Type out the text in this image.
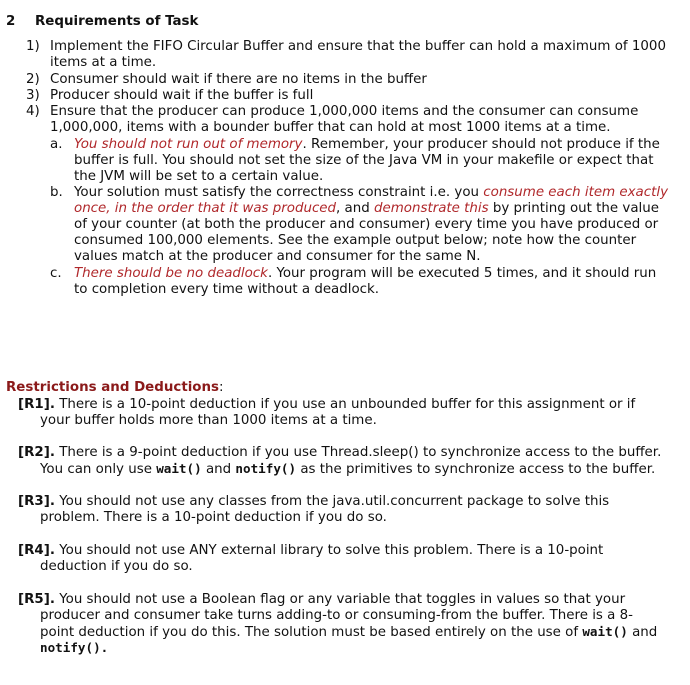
2 Requirements of Task
1) Implement the FIFO Circular Buffer and ensure that the buffer can hold a maximum of 1000
items at a time.
2) Consumer should wait if there are no items in the buffer
3) Producer should wait if the buffer is full
4) Ensure that the producer can produce 1,000,000 items and the consumer can consume
1,000,000, items with a bounder buffer that can hold at most 1000 items at a time.
a. You should not run out of memory. Remember, your producer should not produce if the
buffer is full. You should not set the size of the Java VM in your makefile or expect that
the JVM will be set to a certain value.
b. Your solution must satisfy the correctness constraint i.e. you consume each item exactly
once, in the order that it was produced, and demonstrate this by printing out the value
of your counter (at both the producer and consumer) every time you have produced or
consumed 100,000 elements. See the example output below; note how the counter
values match at the producer and consumer for the same N.
c. There should be no deadlock. Your program will be executed 5 times, and it should run
to completion every time without a deadlock.
Restrictions and Deductions:
[R1]. There is a 10-point deduction if you use an unbounded buffer for this assignment or if
your buffer holds more than 1000 items at a time.
[R2]. There is a 9-point deduction if you use Thread.sleep() to synchronize access to the buffer.
You can only use wait() and notify() as the primitives to synchronize access to the buffer.
[R3]. You should not use any classes from the java.util.concurrent package to solve this
problem. There is a 10-point deduction if you do so.
[R4]. You should not use ANY external library to solve this problem. There is a 10-point
deduction if you do so.
[R5]. You should not use a Boolean flag or any variable that toggles in values so that your
producer and consumer take turns adding-to or consuming-from the buffer. There is a 8-
point deduction if you do this. The solution must be based entirely on the use of wait() and
notify().
